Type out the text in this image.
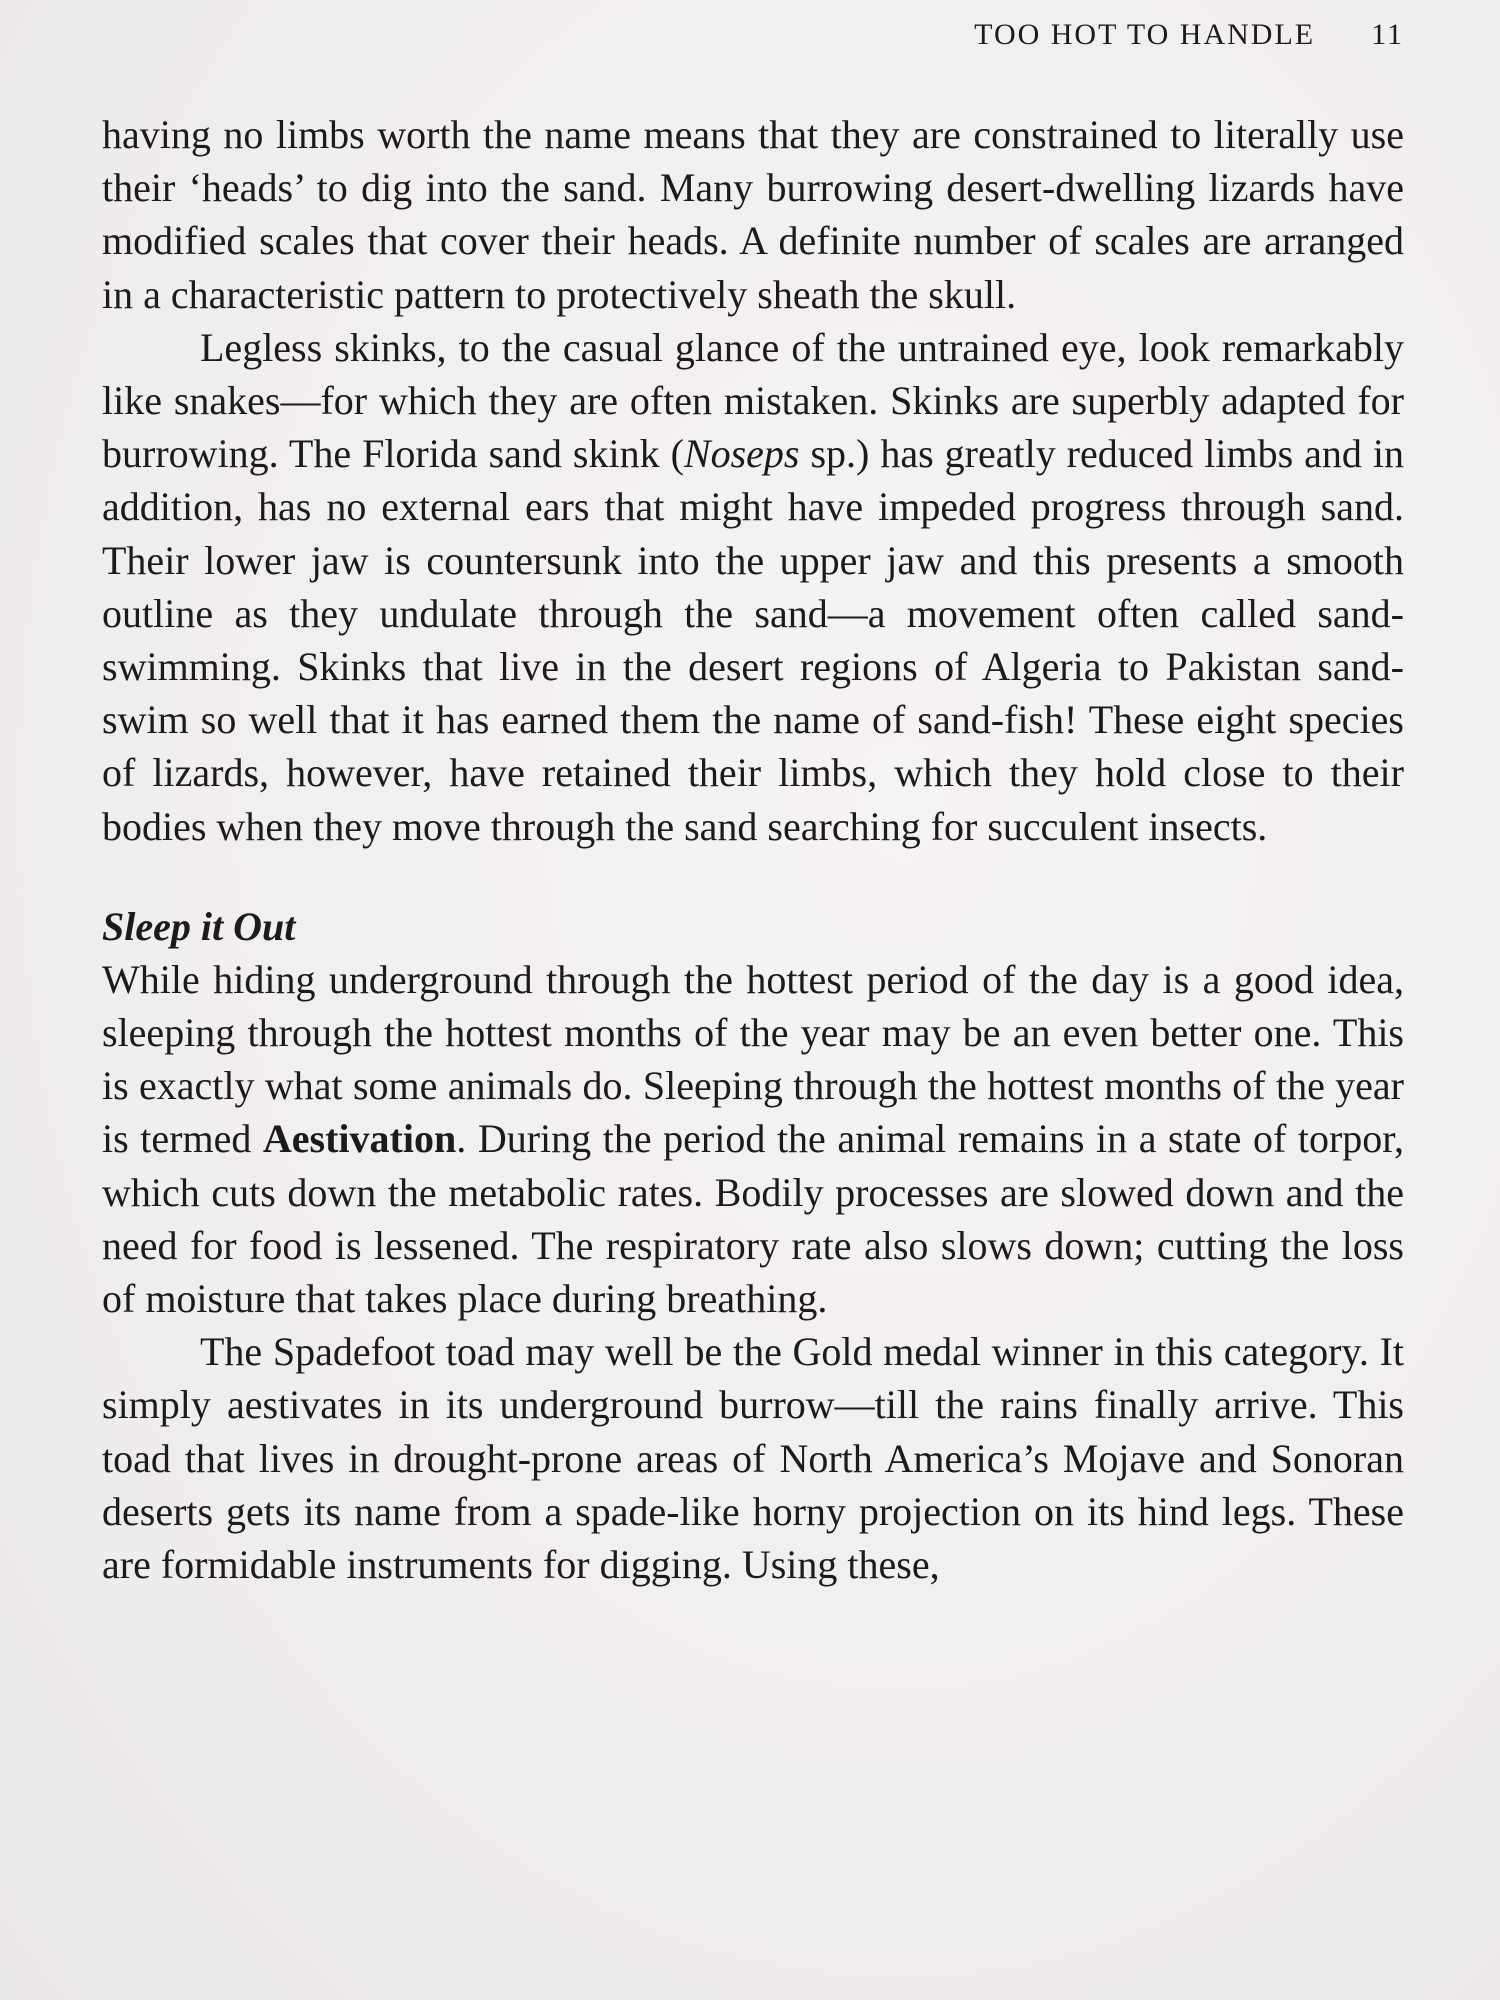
TOO HOT TO HANDLE 11

having no limbs worth the name means that they are constrained to literally use their ‘heads’ to dig into the sand. Many burrowing desert-dwelling lizards have modified scales that cover their heads. A definite number of scales are arranged in a characteristic pattern to protectively sheath the skull.

Legless skinks, to the casual glance of the untrained eye, look remarkably like snakes—for which they are often mistaken. Skinks are superbly adapted for burrowing. The Florida sand skink (Noseps sp.) has greatly reduced limbs and in addition, has no external ears that might have impeded progress through sand. Their lower jaw is countersunk into the upper jaw and this presents a smooth outline as they undulate through the sand—a movement often called sand-swimming. Skinks that live in the desert regions of Algeria to Pakistan sand-swim so well that it has earned them the name of sand-fish! These eight species of lizards, however, have retained their limbs, which they hold close to their bodies when they move through the sand searching for succulent insects.

Sleep it Out

While hiding underground through the hottest period of the day is a good idea, sleeping through the hottest months of the year may be an even better one. This is exactly what some animals do. Sleeping through the hottest months of the year is termed Aestivation. During the period the animal remains in a state of torpor, which cuts down the metabolic rates. Bodily processes are slowed down and the need for food is lessened. The respiratory rate also slows down; cutting the loss of moisture that takes place during breathing.

The Spadefoot toad may well be the Gold medal winner in this category. It simply aestivates in its underground burrow—till the rains finally arrive. This toad that lives in drought-prone areas of North America’s Mojave and Sonoran deserts gets its name from a spade-like horny projection on its hind legs. These are formidable instruments for digging. Using these,
